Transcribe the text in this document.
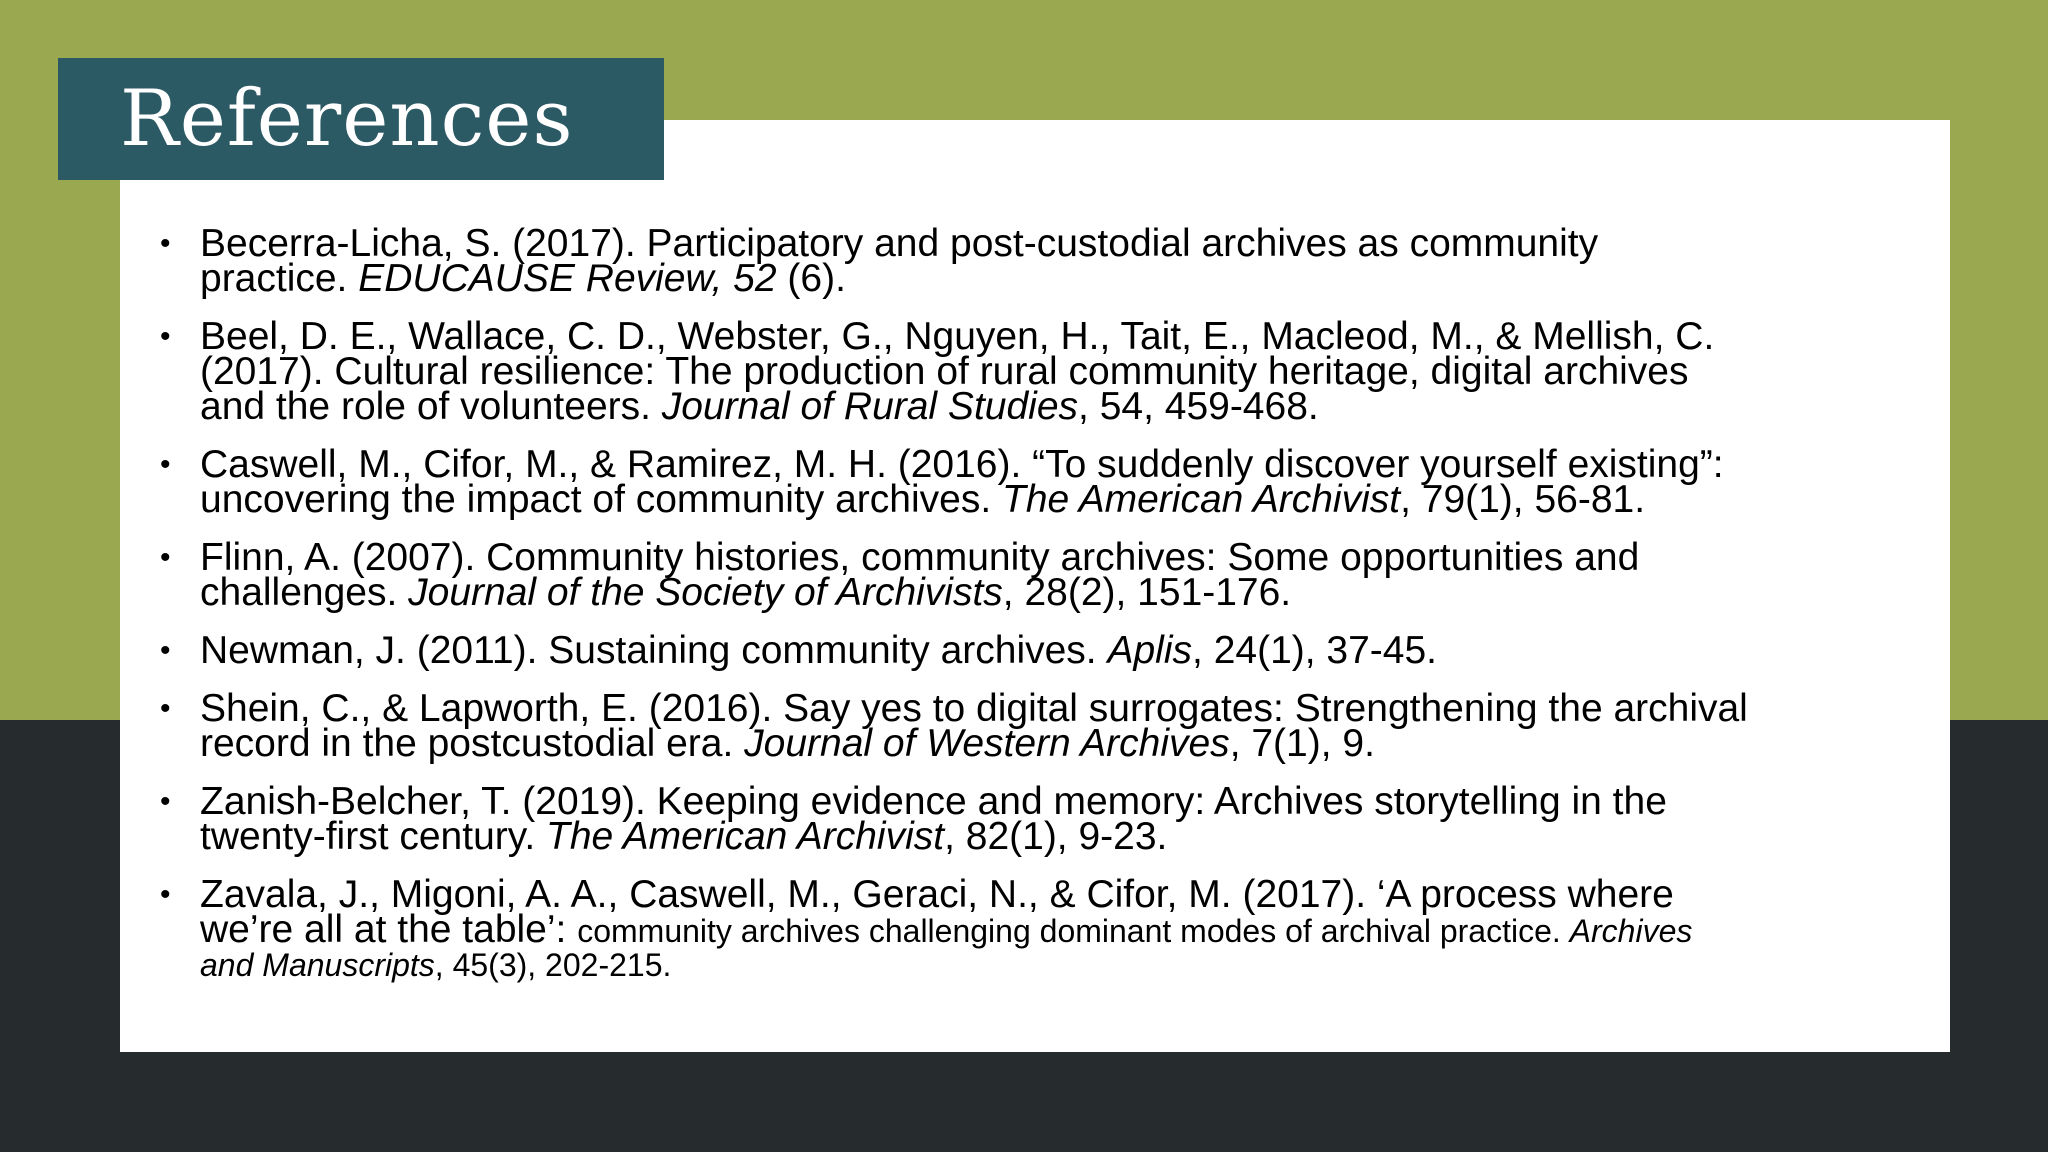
References
• Becerra-Licha, S. (2017). Participatory and post-custodial archives as community
practice. EDUCAUSE Review, 52 (6).
• Beel, D. E., Wallace, C. D., Webster, G., Nguyen, H., Tait, E., Macleod, M., & Mellish, C.
(2017). Cultural resilience: The production of rural community heritage, digital archives
and the role of volunteers. Journal of Rural Studies, 54, 459-468.
• Caswell, M., Cifor, M., & Ramirez, M. H. (2016). “To suddenly discover yourself existing”:
uncovering the impact of community archives. The American Archivist, 79(1), 56-81.
• Flinn, A. (2007). Community histories, community archives: Some opportunities and
challenges. Journal of the Society of Archivists, 28(2), 151-176.
• Newman, J. (2011). Sustaining community archives. Aplis, 24(1), 37-45.
• Shein, C., & Lapworth, E. (2016). Say yes to digital surrogates: Strengthening the archival
record in the postcustodial era. Journal of Western Archives, 7(1), 9.
• Zanish-Belcher, T. (2019). Keeping evidence and memory: Archives storytelling in the
twenty-first century. The American Archivist, 82(1), 9-23.
• Zavala, J., Migoni, A. A., Caswell, M., Geraci, N., & Cifor, M. (2017). ‘A process where
we’re all at the table’: community archives challenging dominant modes of archival practice. Archives
and Manuscripts, 45(3), 202-215.
